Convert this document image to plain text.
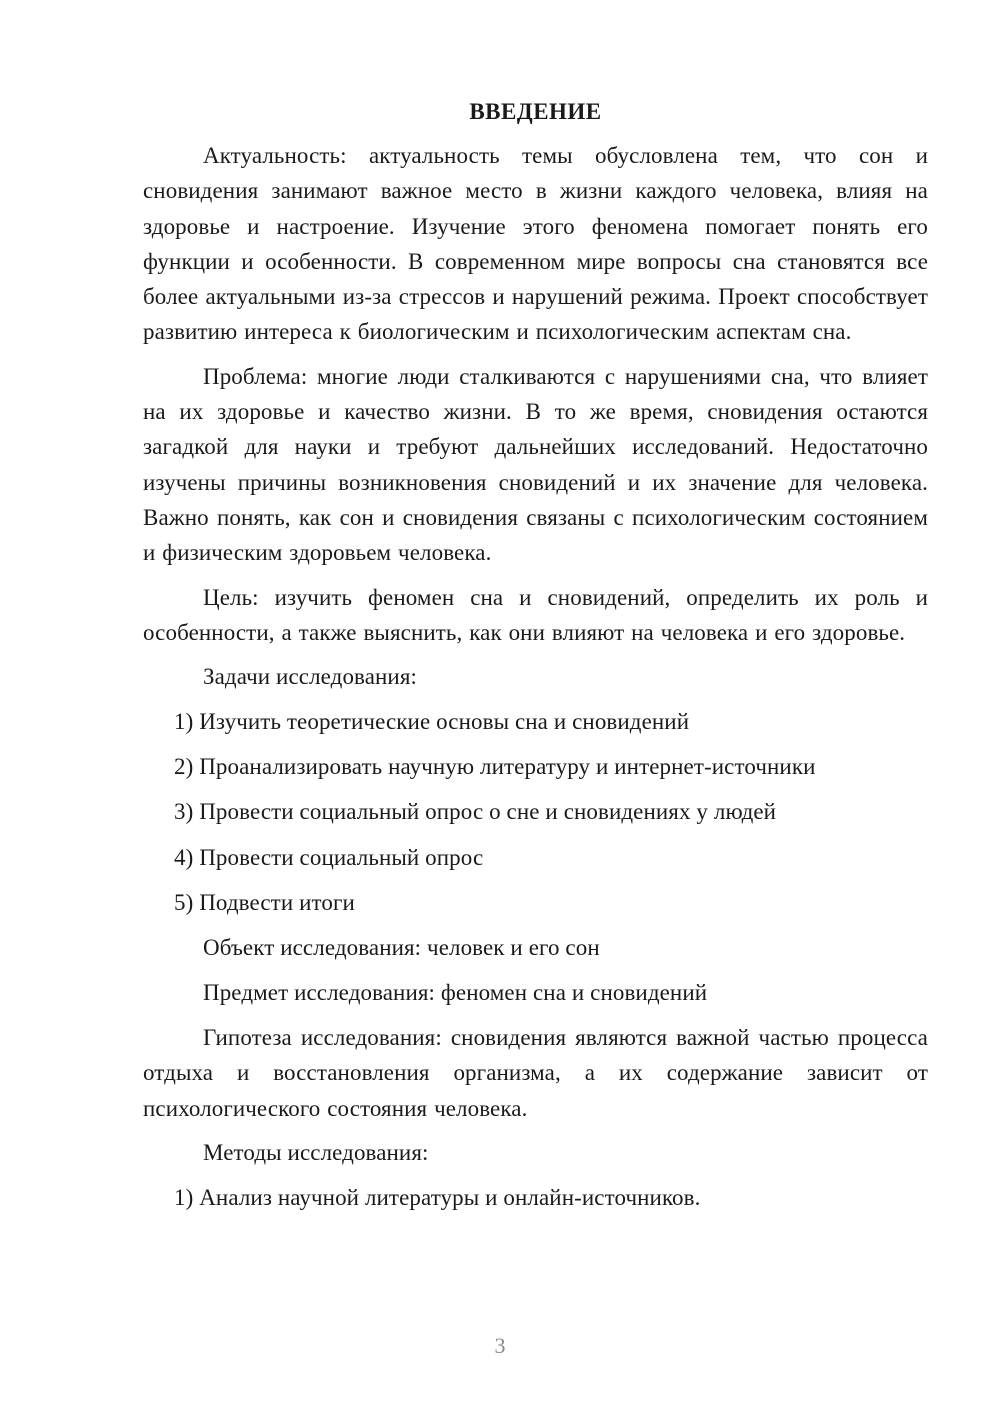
ВВЕДЕНИЕ

Актуальность: актуальность темы обусловлена тем, что сон и сновидения занимают важное место в жизни каждого человека, влияя на здоровье и настроение. Изучение этого феномена помогает понять его функции и особенности. В современном мире вопросы сна становятся все более актуальными из-за стрессов и нарушений режима. Проект способствует развитию интереса к биологическим и психологическим аспектам сна.

Проблема: многие люди сталкиваются с нарушениями сна, что влияет на их здоровье и качество жизни. В то же время, сновидения остаются загадкой для науки и требуют дальнейших исследований. Недостаточно изучены причины возникновения сновидений и их значение для человека. Важно понять, как сон и сновидения связаны с психологическим состоянием и физическим здоровьем человека.

Цель: изучить феномен сна и сновидений, определить их роль и особенности, а также выяснить, как они влияют на человека и его здоровье.

Задачи исследования:

1) Изучить теоретические основы сна и сновидений

2) Проанализировать научную литературу и интернет-источники

3) Провести социальный опрос о сне и сновидениях у людей

4) Провести социальный опрос

5) Подвести итоги

Объект исследования: человек и его сон

Предмет исследования: феномен сна и сновидений

Гипотеза исследования: сновидения являются важной частью процесса отдыха и восстановления организма, а их содержание зависит от психологического состояния человека.

Методы исследования:

1) Анализ научной литературы и онлайн-источников.

3
